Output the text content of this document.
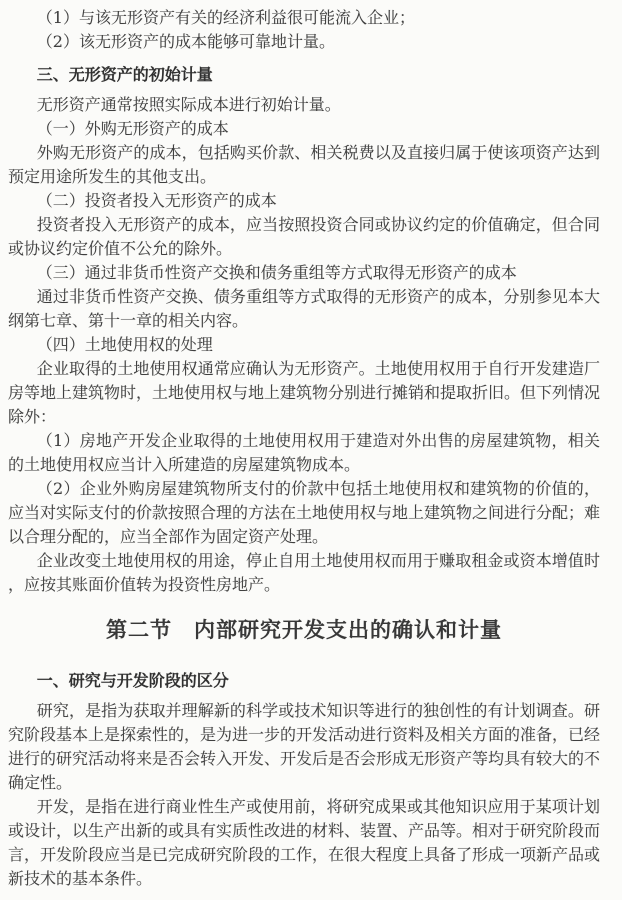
（1）与该无形资产有关的经济利益很可能流入企业；

（2）该无形资产的成本能够可靠地计量。

三、无形资产的初始计量

无形资产通常按照实际成本进行初始计量。

（一）外购无形资产的成本

外购无形资产的成本，包括购买价款、相关税费以及直接归属于使该项资产达到预定用途所发生的其他支出。

（二）投资者投入无形资产的成本

投资者投入无形资产的成本，应当按照投资合同或协议约定的价值确定，但合同或协议约定价值不公允的除外。

（三）通过非货币性资产交换和债务重组等方式取得无形资产的成本

通过非货币性资产交换、债务重组等方式取得的无形资产的成本，分别参见本大纲第七章、第十一章的相关内容。

（四）土地使用权的处理

企业取得的土地使用权通常应确认为无形资产。土地使用权用于自行开发建造厂房等地上建筑物时，土地使用权与地上建筑物分别进行摊销和提取折旧。但下列情况除外：

（1）房地产开发企业取得的土地使用权用于建造对外出售的房屋建筑物，相关的土地使用权应当计入所建造的房屋建筑物成本。

（2）企业外购房屋建筑物所支付的价款中包括土地使用权和建筑物的价值的，应当对实际支付的价款按照合理的方法在土地使用权与地上建筑物之间进行分配；难以合理分配的，应当全部作为固定资产处理。

企业改变土地使用权的用途，停止自用土地使用权而用于赚取租金或资本增值时，应按其账面价值转为投资性房地产。

第二节　内部研究开发支出的确认和计量

一、研究与开发阶段的区分

研究，是指为获取并理解新的科学或技术知识等进行的独创性的有计划调查。研究阶段基本上是探索性的，是为进一步的开发活动进行资料及相关方面的准备，已经进行的研究活动将来是否会转入开发、开发后是否会形成无形资产等均具有较大的不确定性。

开发，是指在进行商业性生产或使用前，将研究成果或其他知识应用于某项计划或设计，以生产出新的或具有实质性改进的材料、装置、产品等。相对于研究阶段而言，开发阶段应当是已完成研究阶段的工作，在很大程度上具备了形成一项新产品或新技术的基本条件。
